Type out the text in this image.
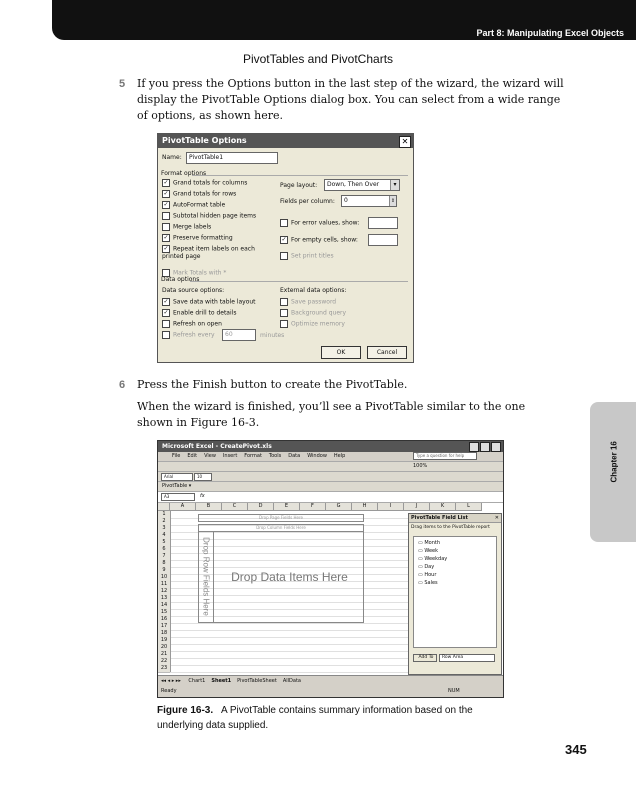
Part 8: Manipulating Excel Objects
PivotTables and PivotCharts
5 If you press the Options button in the last step of the wizard, the wizard will display the PivotTable Options dialog box. You can select from a wide range of options, as shown here.
PivotTable Options	✕
Name:	PivotTable1
Format options
✓ Grand totals for columns
✓ Grand totals for rows
✓ AutoFormat table
Subtotal hidden page items
Merge labels
✓ Preserve formatting
✓ Repeat item labels on each printed page
Mark Totals with *
Page layout:	Down, Then Over	▾
Fields per column:	0	⇕
For error values, show:
✓ For empty cells, show:
Set print titles
Data options
Data source options:	External data options:
✓ Save data with table layout
✓ Enable drill to details
Refresh on open
Refresh every
Save password
Background query
Optimize memory
60	minutes
OK	Cancel
6 Press the Finish button to create the PivotTable.
When the wizard is finished, you’ll see a PivotTable similar to the one shown in Figure 16-3.
Chapter 16
Microsoft Excel - CreatePivot.xls
File Edit View Insert Format Tools Data Window Help	Type a question for help
100%
Arial	10
PivotTable ▾
A3	fx
A	B	C	D	E	F	G	H	I	J	K	L
1
2
3
4
5
6
7
8
9
10
11
12
13
14
15
16
17
18
19
20
21
22
23
Drop Page Fields Here
Drop Column Fields Here
Drop Row Fields Here	Drop Data Items Here
PivotTable Field List	✕
Drag items to the PivotTable report
▭ Month
▭ Week
▭ Weekday
▭ Day
▭ Hour
▭ Sales
Add To	Row Area
◂◂ ◂ ▸ ▸▸ Chart1 Sheet1 PivotTableSheet AllData
Ready	NUM
Figure 16-3. A PivotTable contains summary information based on the underlying data supplied.
345
